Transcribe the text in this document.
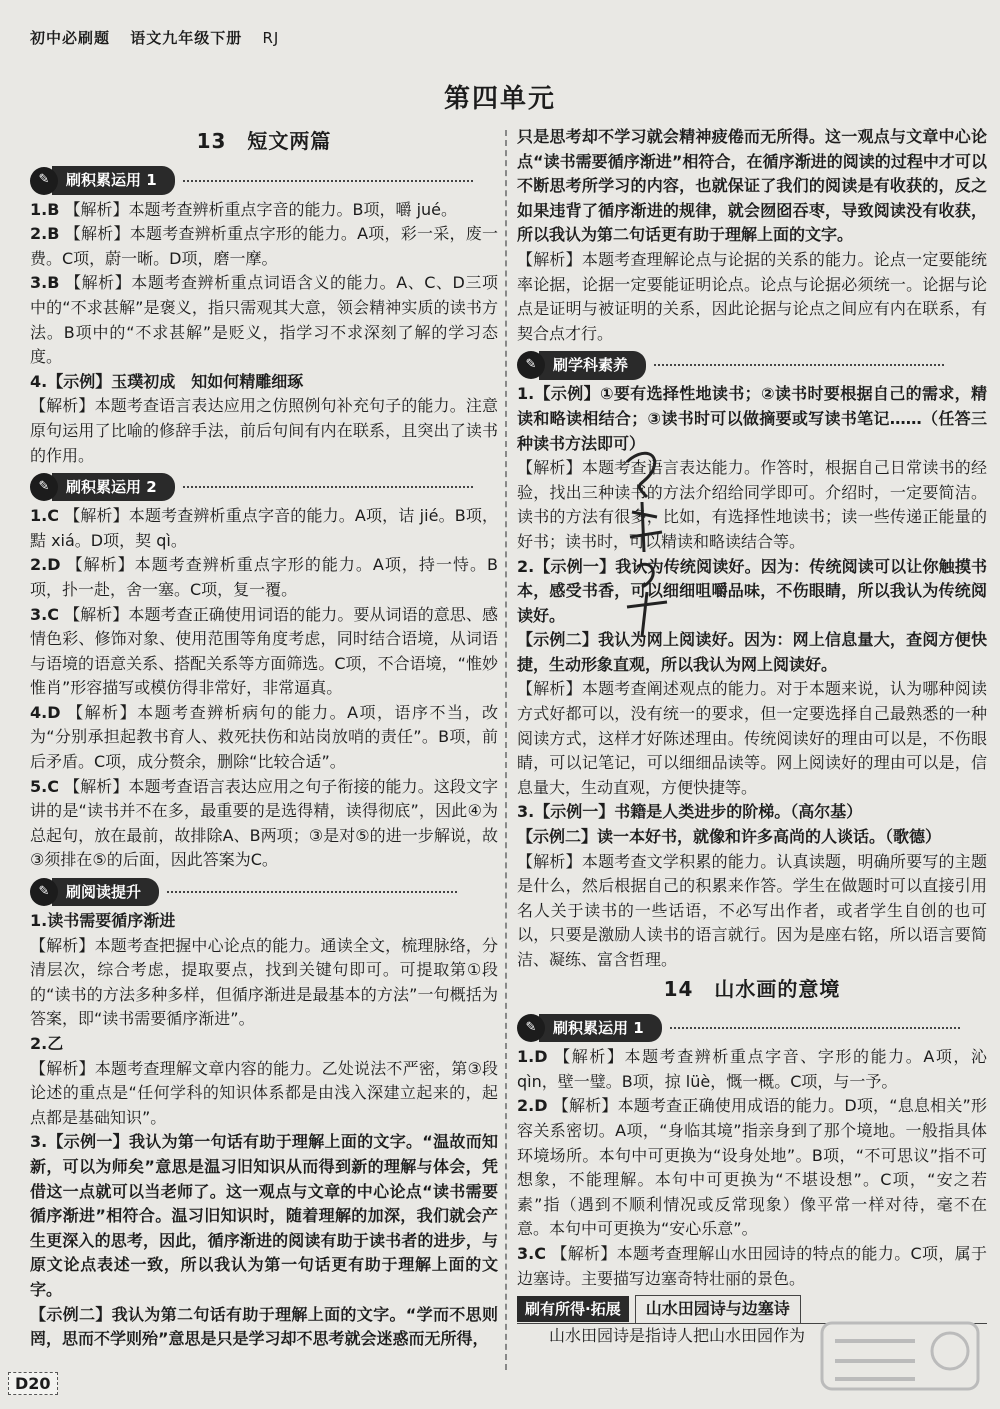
初中必刷题 语文九年级下册 RJ
第四单元
13　短文两篇
✎	刷积累运用 1

1.B 【解析】本题考查辨析重点字音的能力。B项，嚼 jué。

2.B 【解析】本题考查辨析重点字形的能力。A项，彩一采，废一费。C项，蔚一晰。D项，磨一摩。

3.B 【解析】本题考查辨析重点词语含义的能力。A、C、D三项中的“不求甚解”是褒义，指只需观其大意，领会精神实质的读书方法。B项中的“不求甚解”是贬义，指学习不求深刻了解的学习态度。

4.【示例】玉璞初成　知如何精雕细琢

【解析】本题考查语言表达应用之仿照例句补充句子的能力。注意原句运用了比喻的修辞手法，前后句间有内在联系，且突出了读书的作用。

✎	刷积累运用 2

1.C 【解析】本题考查辨析重点字音的能力。A项，诘 jié。B项，黠 xiá。D项，契 qì。

2.D 【解析】本题考查辨析重点字形的能力。A项，持一恃。B项，扑一赴，舍一塞。C项，复一覆。

3.C 【解析】本题考查正确使用词语的能力。要从词语的意思、感情色彩、修饰对象、使用范围等角度考虑，同时结合语境，从词语与语境的语意关系、搭配关系等方面筛选。C项，不合语境，“惟妙惟肖”形容描写或模仿得非常好，非常逼真。

4.D 【解析】本题考查辨析病句的能力。A项，语序不当，改为“分别承担起教书育人、救死扶伤和站岗放哨的责任”。B项，前后矛盾。C项，成分赘余，删除“比较合适”。

5.C 【解析】本题考查语言表达应用之句子衔接的能力。这段文字讲的是“读书并不在多，最重要的是选得精，读得彻底”，因此④为总起句，放在最前，故排除A、B两项；③是对⑤的进一步解说，故③须排在⑤的后面，因此答案为C。

✎	刷阅读提升

1.读书需要循序渐进

【解析】本题考查把握中心论点的能力。通读全文，梳理脉络，分清层次，综合考虑，提取要点，找到关键句即可。可提取第①段的“读书的方法多种多样，但循序渐进是最基本的方法”一句概括为答案，即“读书需要循序渐进”。

2.乙

【解析】本题考查理解文章内容的能力。乙处说法不严密，第③段论述的重点是“任何学科的知识体系都是由浅入深建立起来的，起点都是基础知识”。

3.【示例一】我认为第一句话有助于理解上面的文字。“温故而知新，可以为师矣”意思是温习旧知识从而得到新的理解与体会，凭借这一点就可以当老师了。这一观点与文章的中心论点“读书需要循序渐进”相符合。温习旧知识时，随着理解的加深，我们就会产生更深入的思考，因此，循序渐进的阅读有助于读书者的进步，与原文论点表述一致，所以我认为第一句话更有助于理解上面的文字。

【示例二】我认为第二句话有助于理解上面的文字。“学而不思则罔，思而不学则殆”意思是只是学习却不思考就会迷惑而无所得，

只是思考却不学习就会精神疲倦而无所得。这一观点与文章中心论点“读书需要循序渐进”相符合，在循序渐进的阅读的过程中才可以不断思考所学习的内容，也就保证了我们的阅读是有收获的，反之如果违背了循序渐进的规律，就会囫囵吞枣，导致阅读没有收获，所以我认为第二句话更有助于理解上面的文字。

【解析】本题考查理解论点与论据的关系的能力。论点一定要能统率论据，论据一定要能证明论点。论点与论据必须统一。论据与论点是证明与被证明的关系，因此论据与论点之间应有内在联系，有契合点才行。

✎	刷学科素养

1.【示例】①要有选择性地读书；②读书时要根据自己的需求，精读和略读相结合；③读书时可以做摘要或写读书笔记……（任答三种读书方法即可）

【解析】本题考查语言表达能力。作答时，根据自己日常读书的经验，找出三种读书的方法介绍给同学即可。介绍时，一定要简洁。读书的方法有很多，比如，有选择性地读书；读一些传递正能量的好书；读书时，可以精读和略读结合等。

2.【示例一】我认为传统阅读好。因为：传统阅读可以让你触摸书本，感受书香，可以细细咀嚼品味，不伤眼睛，所以我认为传统阅读好。

【示例二】我认为网上阅读好。因为：网上信息量大，查阅方便快捷，生动形象直观，所以我认为网上阅读好。

【解析】本题考查阐述观点的能力。对于本题来说，认为哪种阅读方式好都可以，没有统一的要求，但一定要选择自己最熟悉的一种阅读方式，这样才好陈述理由。传统阅读好的理由可以是，不伤眼睛，可以记笔记，可以细细品读等。网上阅读好的理由可以是，信息量大，生动直观，方便快捷等。

3.【示例一】书籍是人类进步的阶梯。（高尔基）

【示例二】读一本好书，就像和许多高尚的人谈话。（歌德）

【解析】本题考查文学积累的能力。认真读题，明确所要写的主题是什么，然后根据自己的积累来作答。学生在做题时可以直接引用名人关于读书的一些话语，不必写出作者，或者学生自创的也可以，只要是激励人读书的语言就行。因为是座右铭，所以语言要简洁、凝练、富含哲理。

14　山水画的意境
✎	刷积累运用 1

1.D 【解析】本题考查辨析重点字音、字形的能力。A项，沁 qìn，壁一璧。B项，掠 lüè，慨一概。C项，与一予。

2.D 【解析】本题考查正确使用成语的能力。D项，“息息相关”形容关系密切。A项，“身临其境”指亲身到了那个境地。一般指具体环境场所。本句中可更换为“设身处地”。B项，“不可思议”指不可想象，不能理解。本句中可更换为“不堪设想”。C项，“安之若素”指（遇到不顺利情况或反常现象）像平常一样对待，毫不在意。本句中可更换为“安心乐意”。

3.C 【解析】本题考查理解山水田园诗的特点的能力。C项，属于边塞诗。主要描写边塞奇特壮丽的景色。

刷有所得·拓展	山水田园诗与边塞诗

山水田园诗是指诗人把山水田园作为

D20
